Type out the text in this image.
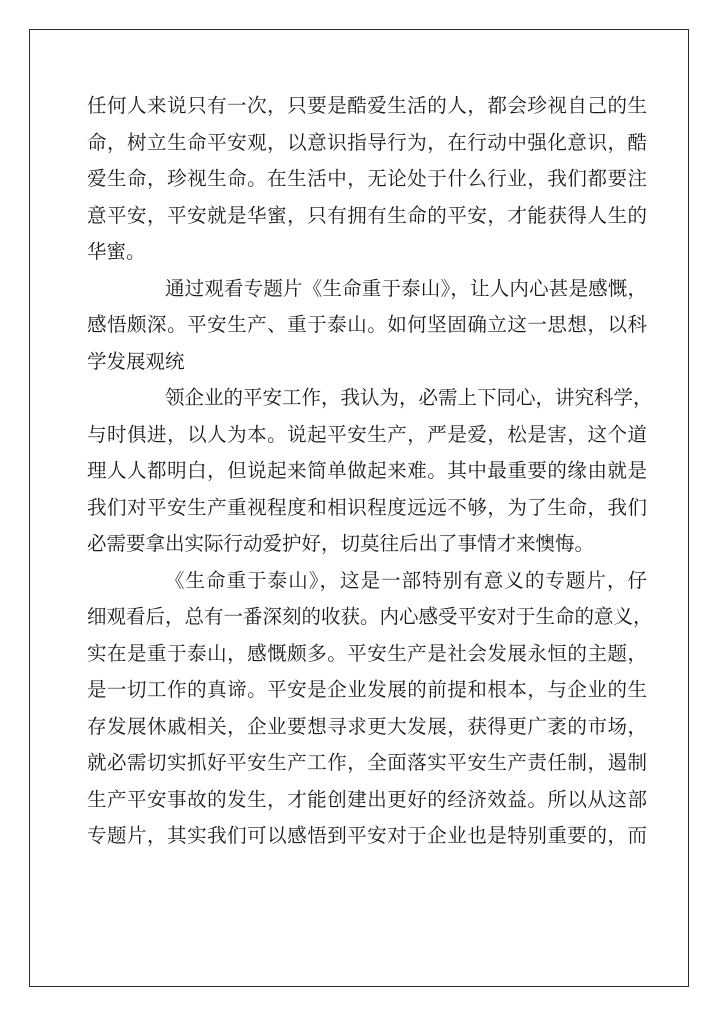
任何人来说只有一次，只要是酷爱生活的人，都会珍视自己的生
命，树立生命平安观，以意识指导行为，在行动中强化意识，酷
爱生命，珍视生命。在生活中，无论处于什么行业，我们都要注
意平安，平安就是华蜜，只有拥有生命的平安，才能获得人生的
华蜜。
通过观看专题片《生命重于泰山》，让人内心甚是感慨，
感悟颇深。平安生产、重于泰山。如何坚固确立这一思想，以科
学发展观统
领企业的平安工作，我认为，必需上下同心，讲究科学，
与时俱进，以人为本。说起平安生产，严是爱，松是害，这个道
理人人都明白，但说起来简单做起来难。其中最重要的缘由就是
我们对平安生产重视程度和相识程度远远不够，为了生命，我们
必需要拿出实际行动爱护好，切莫往后出了事情才来懊悔。
《生命重于泰山》，这是一部特别有意义的专题片，仔
细观看后，总有一番深刻的收获。内心感受平安对于生命的意义，
实在是重于泰山，感慨颇多。平安生产是社会发展永恒的主题，
是一切工作的真谛。平安是企业发展的前提和根本，与企业的生
存发展休戚相关，企业要想寻求更大发展，获得更广袤的市场，
就必需切实抓好平安生产工作，全面落实平安生产责任制，遏制
生产平安事故的发生，才能创建出更好的经济效益。所以从这部
专题片，其实我们可以感悟到平安对于企业也是特别重要的，而
